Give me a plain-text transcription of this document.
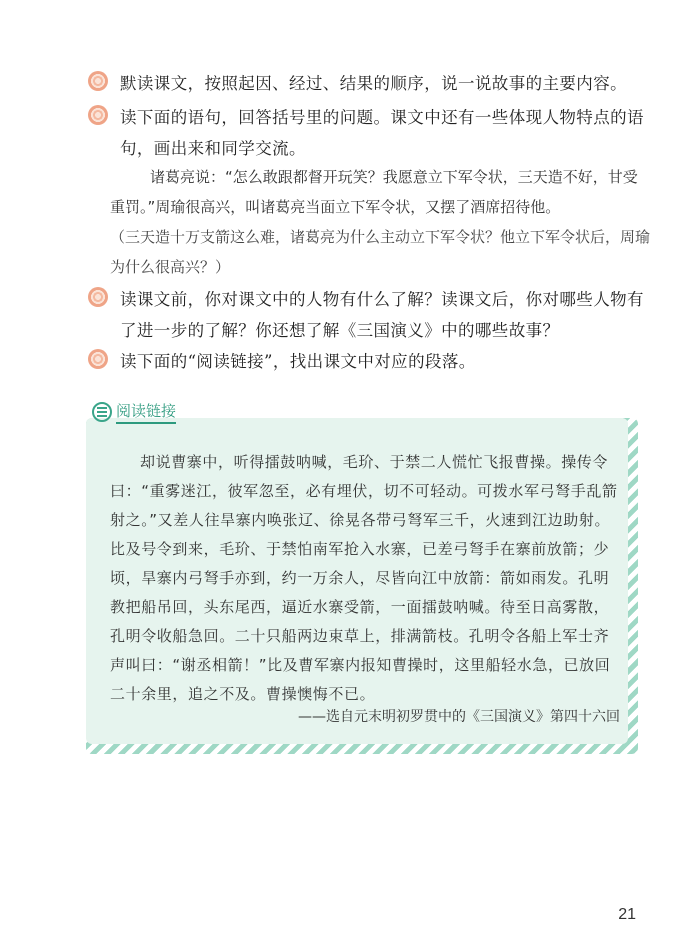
默读课文，按照起因、经过、结果的顺序，说一说故事的主要内容。
读下面的语句，回答括号里的问题。课文中还有一些体现人物特点的语句，画出来和同学交流。

诸葛亮说：“怎么敢跟都督开玩笑？我愿意立下军令状，三天造不好，甘受重罚。”周瑜很高兴，叫诸葛亮当面立下军令状，又摆了酒席招待他。

（三天造十万支箭这么难，诸葛亮为什么主动立下军令状？他立下军令状后，周瑜为什么很高兴？）

读课文前，你对课文中的人物有什么了解？读课文后，你对哪些人物有了进一步的了解？你还想了解《三国演义》中的哪些故事？
读下面的“阅读链接”，找出课文中对应的段落。
阅读链接

却说曹寨中，听得擂鼓呐喊，毛玠、于禁二人慌忙飞报曹操。操传令曰：“重雾迷江，彼军忽至，必有埋伏，切不可轻动。可拨水军弓弩手乱箭射之。”又差人往旱寨内唤张辽、徐晃各带弓弩军三千，火速到江边助射。比及号令到来，毛玠、于禁怕南军抢入水寨，已差弓弩手在寨前放箭；少顷，旱寨内弓弩手亦到，约一万余人，尽皆向江中放箭：箭如雨发。孔明教把船吊回，头东尾西，逼近水寨受箭，一面擂鼓呐喊。待至日高雾散，孔明令收船急回。二十只船两边束草上，排满箭枝。孔明令各船上军士齐声叫曰：“谢丞相箭！”比及曹军寨内报知曹操时，这里船轻水急，已放回二十余里，追之不及。曹操懊悔不已。

——选自元末明初罗贯中的《三国演义》第四十六回
21
